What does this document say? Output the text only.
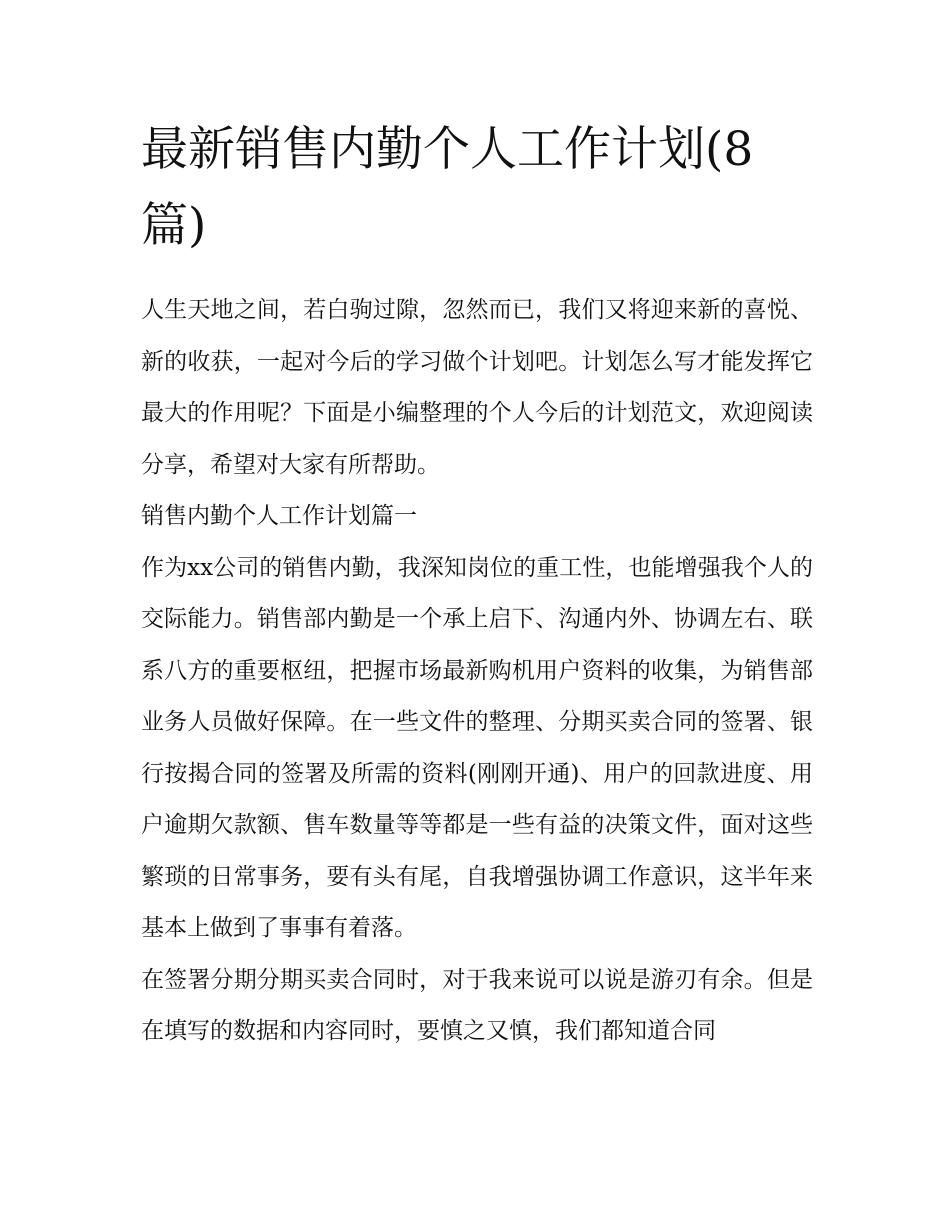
最新销售内勤个人工作计划(8篇)

人生天地之间，若白驹过隙，忽然而已，我们又将迎来新的喜悦、新的收获，一起对今后的学习做个计划吧。计划怎么写才能发挥它最大的作用呢？下面是小编整理的个人今后的计划范文，欢迎阅读分享，希望对大家有所帮助。

销售内勤个人工作计划篇一

作为xx公司的销售内勤，我深知岗位的重工性，也能增强我个人的交际能力。销售部内勤是一个承上启下、沟通内外、协调左右、联系八方的重要枢纽，把握市场最新购机用户资料的收集，为销售部业务人员做好保障。在一些文件的整理、分期买卖合同的签署、银行按揭合同的签署及所需的资料(刚刚开通)、用户的回款进度、用户逾期欠款额、售车数量等等都是一些有益的决策文件，面对这些繁琐的日常事务，要有头有尾，自我增强协调工作意识，这半年来基本上做到了事事有着落。

在签署分期分期买卖合同时，对于我来说可以说是游刃有余。但是在填写的数据和内容同时，要慎之又慎，我们都知道合同
